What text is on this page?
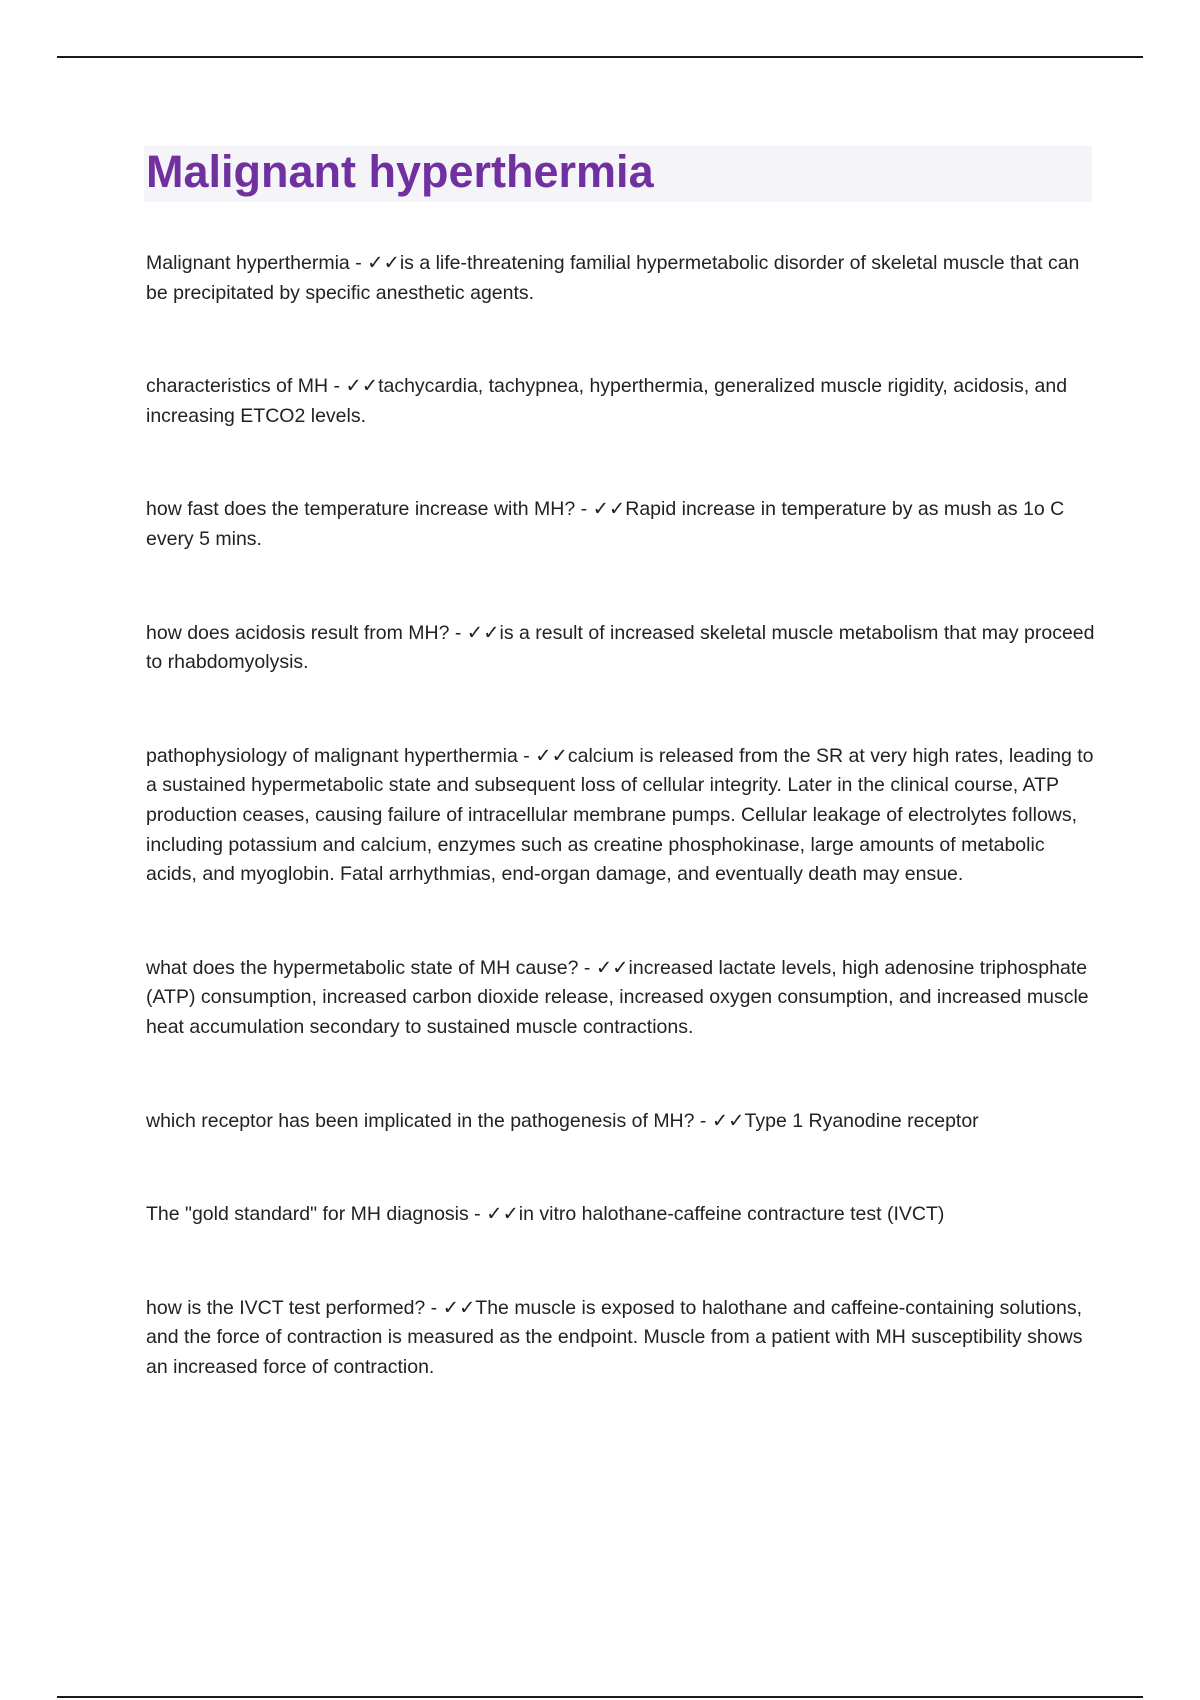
Malignant hyperthermia

Malignant hyperthermia - ✓✓is a life-threatening familial hypermetabolic disorder of skeletal muscle that can be precipitated by specific anesthetic agents.

characteristics of MH - ✓✓tachycardia, tachypnea, hyperthermia, generalized muscle rigidity, acidosis, and increasing ETCO2 levels.

how fast does the temperature increase with MH? - ✓✓Rapid increase in temperature by as mush as 1o C every 5 mins.

how does acidosis result from MH? - ✓✓is a result of increased skeletal muscle metabolism that may proceed to rhabdomyolysis.

pathophysiology of malignant hyperthermia - ✓✓calcium is released from the SR at very high rates, leading to a sustained hypermetabolic state and subsequent loss of cellular integrity. Later in the clinical course, ATP production ceases, causing failure of intracellular membrane pumps. Cellular leakage of electrolytes follows, including potassium and calcium, enzymes such as creatine phosphokinase, large amounts of metabolic acids, and myoglobin. Fatal arrhythmias, end-organ damage, and eventually death may ensue.

what does the hypermetabolic state of MH cause? - ✓✓increased lactate levels, high adenosine triphosphate (ATP) consumption, increased carbon dioxide release, increased oxygen consumption, and increased muscle heat accumulation secondary to sustained muscle contractions.

which receptor has been implicated in the pathogenesis of MH? - ✓✓Type 1 Ryanodine receptor

The "gold standard" for MH diagnosis - ✓✓in vitro halothane-caffeine contracture test (IVCT)

how is the IVCT test performed? - ✓✓The muscle is exposed to halothane and caffeine-containing solutions, and the force of contraction is measured as the endpoint. Muscle from a patient with MH susceptibility shows an increased force of contraction.
